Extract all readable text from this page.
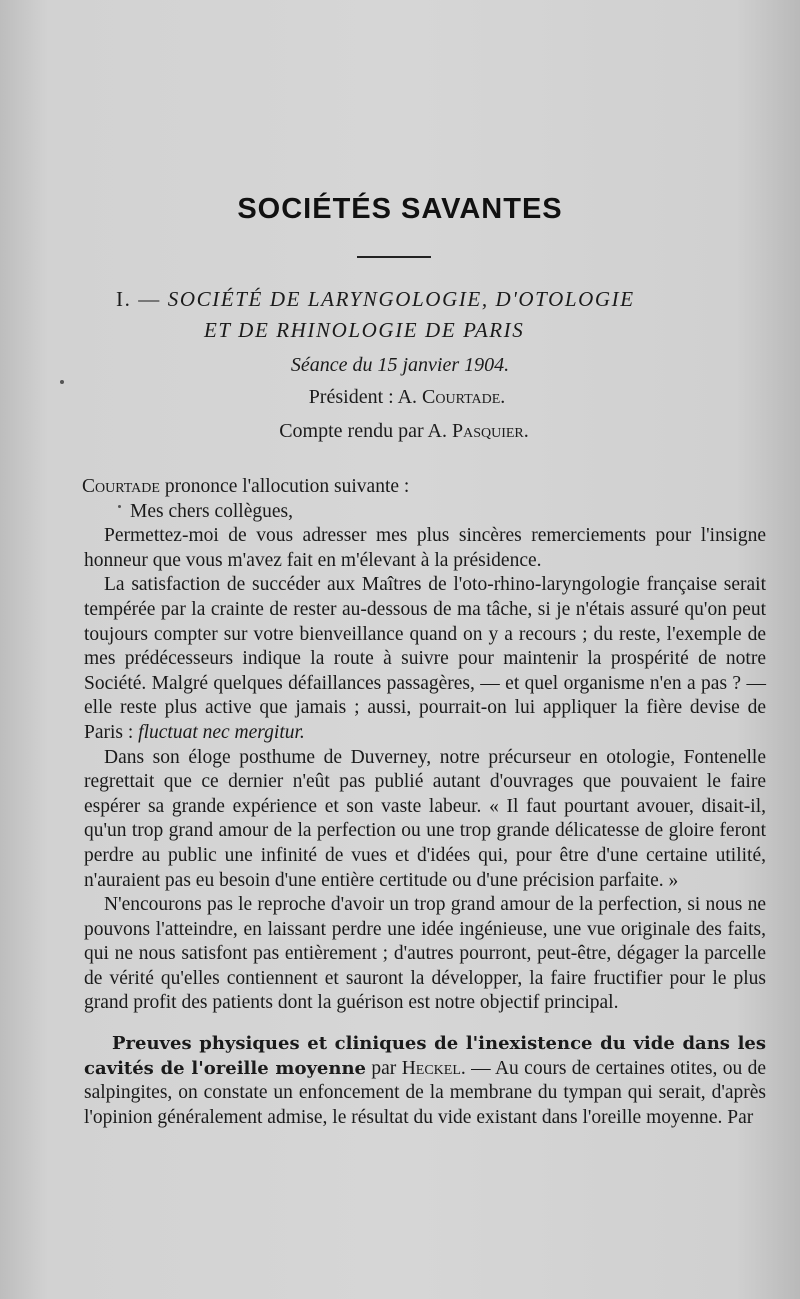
SOCIÉTÉS SAVANTES
I. — SOCIÉTÉ DE LARYNGOLOGIE, D'OTOLOGIE
ET DE RHINOLOGIE DE PARIS
Séance du 15 janvier 1904.
Président : A. Courtade.
Compte rendu par A. Pasquier.

Courtade prononce l'allocution suivante :

Mes chers collègues,

Permettez-moi de vous adresser mes plus sincères remerciements pour l'insigne honneur que vous m'avez fait en m'élevant à la présidence.

La satisfaction de succéder aux Maîtres de l'oto-rhino-laryngologie française serait tempérée par la crainte de rester au-dessous de ma tâche, si je n'étais assuré qu'on peut toujours compter sur votre bienveillance quand on y a recours ; du reste, l'exemple de mes prédécesseurs indique la route à suivre pour maintenir la prospérité de notre Société. Malgré quelques défaillances passagères, — et quel organisme n'en a pas ? — elle reste plus active que jamais ; aussi, pourrait-on lui appliquer la fière devise de Paris : fluctuat nec mergitur.

Dans son éloge posthume de Duverney, notre précurseur en otologie, Fontenelle regrettait que ce dernier n'eût pas publié autant d'ouvrages que pouvaient le faire espérer sa grande expérience et son vaste labeur. « Il faut pourtant avouer, disait-il, qu'un trop grand amour de la perfection ou une trop grande délicatesse de gloire feront perdre au public une infinité de vues et d'idées qui, pour être d'une certaine utilité, n'auraient pas eu besoin d'une entière certitude ou d'une précision parfaite. »

N'encourons pas le reproche d'avoir un trop grand amour de la perfection, si nous ne pouvons l'atteindre, en laissant perdre une idée ingénieuse, une vue originale des faits, qui ne nous satisfont pas entièrement ; d'autres pourront, peut-être, dégager la parcelle de vérité qu'elles contiennent et sauront la développer, la faire fructifier pour le plus grand profit des patients dont la guérison est notre objectif principal.

Preuves physiques et cliniques de l'inexistence du vide dans les cavités de l'oreille moyenne par Heckel. — Au cours de certaines otites, ou de salpingites, on constate un enfoncement de la membrane du tympan qui serait, d'après l'opinion généralement admise, le résultat du vide existant dans l'oreille moyenne. Par
